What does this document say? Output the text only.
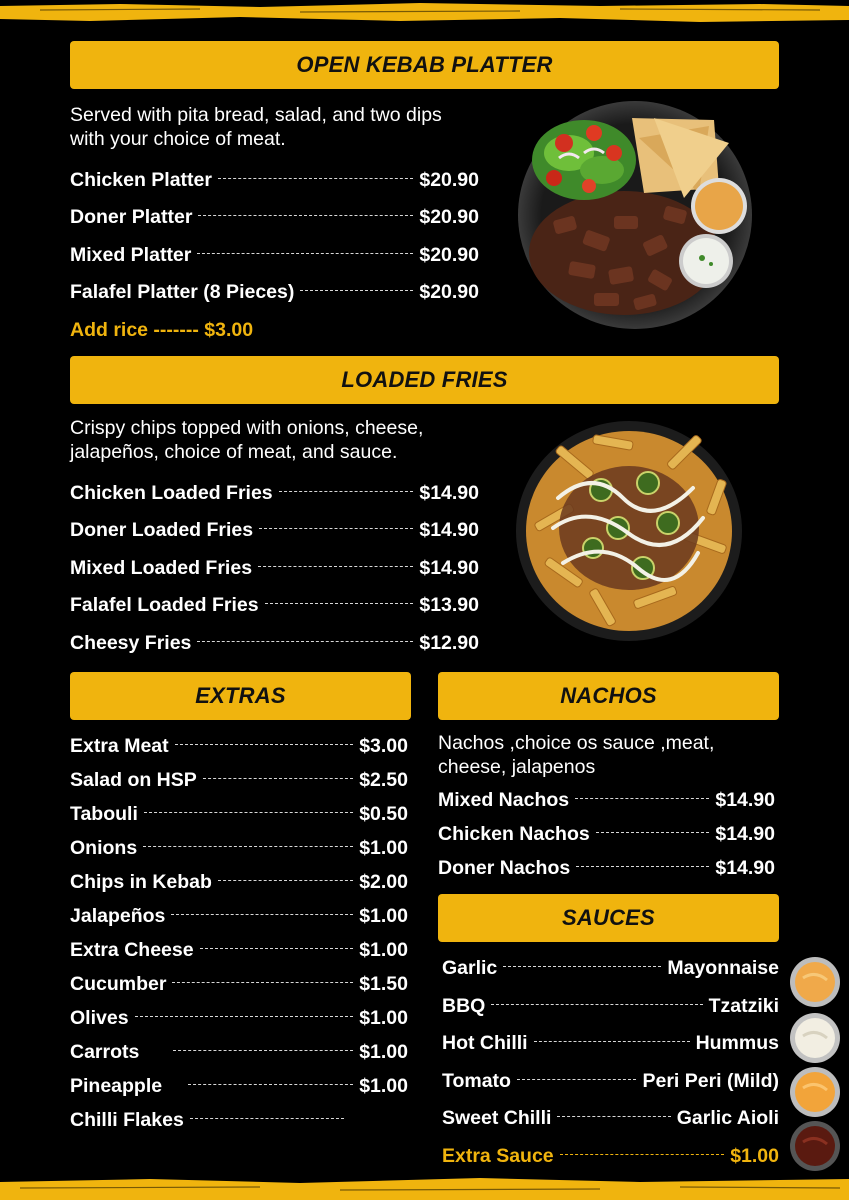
OPEN KEBAB PLATTER
Served with pita bread, salad, and two dips
with your choice of meat.
Chicken Platter	$20.90
Doner Platter	$20.90
Mixed Platter	$20.90
Falafel Platter (8 Pieces)	$20.90
Add rice ------- $3.00
LOADED FRIES
Crispy chips topped with onions, cheese,
jalapeños, choice of meat, and sauce.
Chicken Loaded Fries	$14.90
Doner Loaded Fries	$14.90
Mixed Loaded Fries	$14.90
Falafel Loaded Fries	$13.90
Cheesy Fries	$12.90
EXTRAS
Extra Meat	$3.00
Salad on HSP	$2.50
Tabouli	$0.50
Onions	$1.00
Chips in Kebab	$2.00
Jalapeños	$1.00
Extra Cheese	$1.00
Cucumber	$1.50
Olives	$1.00
Carrots	$1.00
Pineapple	$1.00
Chilli Flakes
NACHOS
Nachos ,choice os sauce ,meat,
cheese, jalapenos
Mixed Nachos	$14.90
Chicken Nachos	$14.90
Doner Nachos	$14.90
SAUCES
Garlic	Mayonnaise
BBQ	Tzatziki
Hot Chilli	Hummus
Tomato	Peri Peri (Mild)
Sweet Chilli	Garlic Aioli
Extra Sauce	$1.00
